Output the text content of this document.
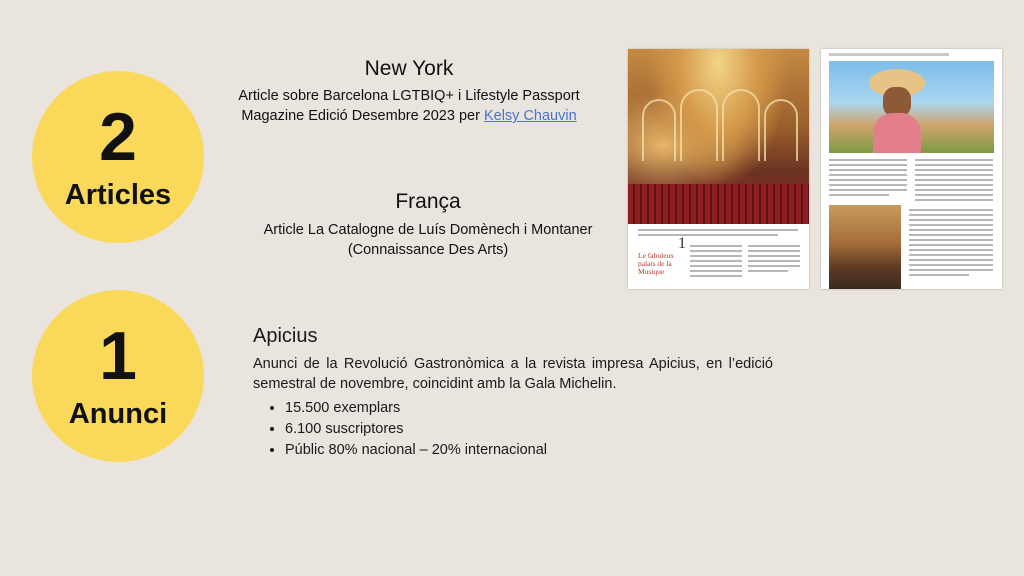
2
Articles
1
Anunci
New York
Article sobre Barcelona LGTBIQ+ i Lifestyle Passport
Magazine Edició Desembre 2023 per Kelsy Chauvin
França
Article La Catalogne de Luís Domènech i Montaner
(Connaissance Des Arts)	1
Le fabuleux palais de la Musique
Apicius
Anunci de la Revolució Gastronòmica a la revista impresa Apicius, en l’edició semestral de novembre, coincidint amb la Gala Michelin.
• 15.500 exemplars
• 6.100 suscriptores
• Públic 80% nacional – 20% internacional
